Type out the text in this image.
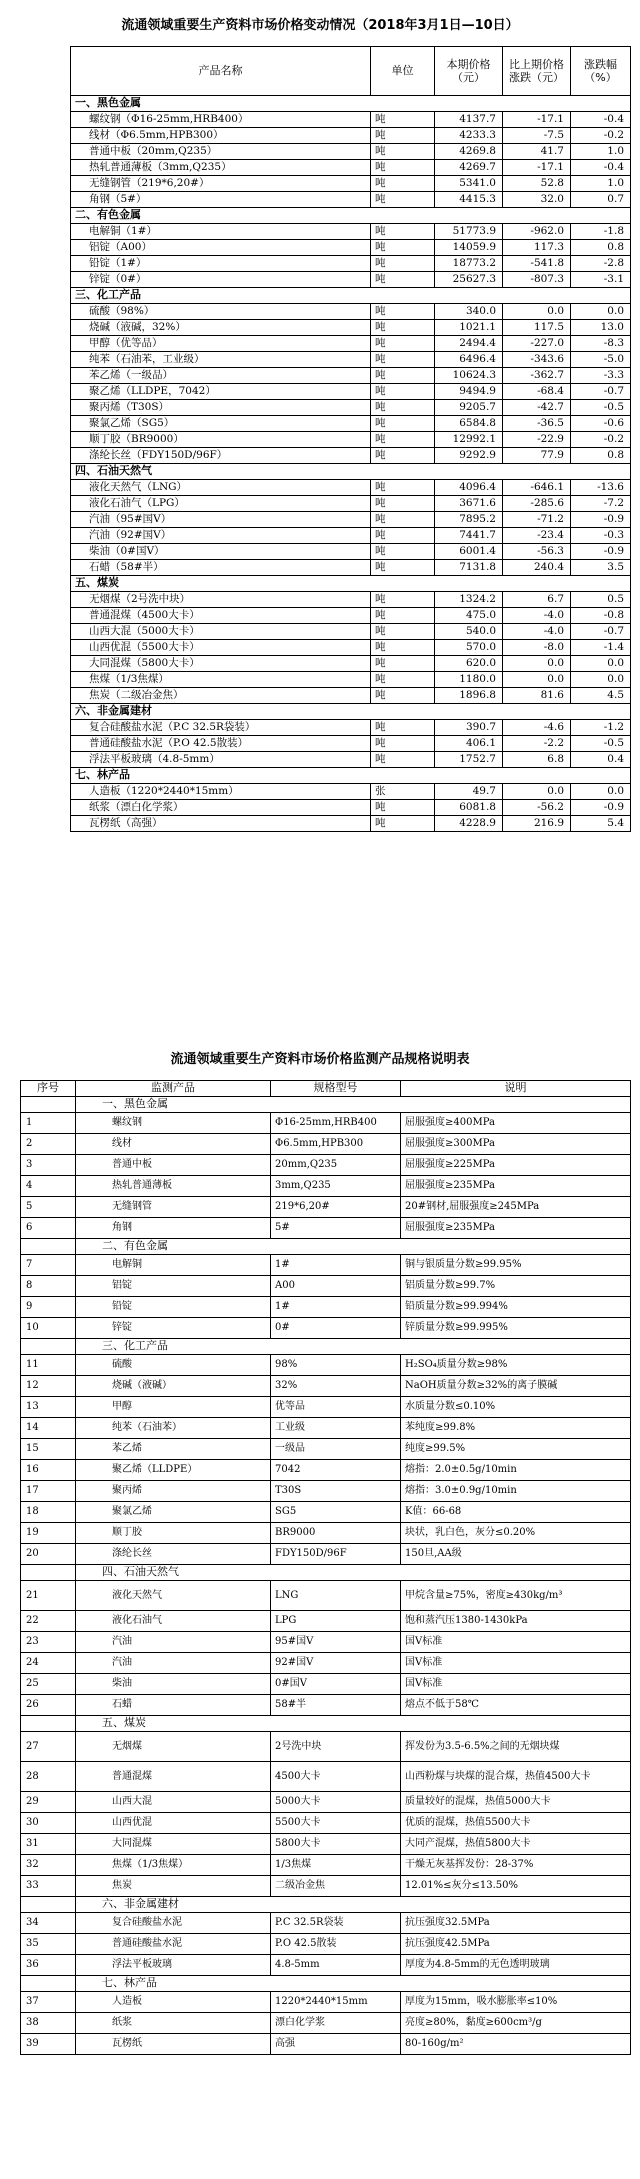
流通领域重要生产资料市场价格变动情况（2018年3月1日—10日）
产品名称	单位	本期价格（元）	比上期价格涨跌（元）	涨跌幅（%）
一、黑色金属				
螺纹钢（Φ16-25mm,HRB400）	吨	4137.7	-17.1	-0.4
线材（Φ6.5mm,HPB300）	吨	4233.3	-7.5	-0.2
普通中板（20mm,Q235）	吨	4269.8	41.7	1.0
热轧普通薄板（3mm,Q235）	吨	4269.7	-17.1	-0.4
无缝钢管（219*6,20#）	吨	5341.0	52.8	1.0
角钢（5#）	吨	4415.3	32.0	0.7
二、有色金属				
电解铜（1#）	吨	51773.9	-962.0	-1.8
铝锭（A00）	吨	14059.9	117.3	0.8
铅锭（1#）	吨	18773.2	-541.8	-2.8
锌锭（0#）	吨	25627.3	-807.3	-3.1
三、化工产品				
硫酸（98%）	吨	340.0	0.0	0.0
烧碱（液碱，32%）	吨	1021.1	117.5	13.0
甲醇（优等品）	吨	2494.4	-227.0	-8.3
纯苯（石油苯，工业级）	吨	6496.4	-343.6	-5.0
苯乙烯（一级品）	吨	10624.3	-362.7	-3.3
聚乙烯（LLDPE，7042）	吨	9494.9	-68.4	-0.7
聚丙烯（T30S）	吨	9205.7	-42.7	-0.5
聚氯乙烯（SG5）	吨	6584.8	-36.5	-0.6
顺丁胶（BR9000）	吨	12992.1	-22.9	-0.2
涤纶长丝（FDY150D/96F）	吨	9292.9	77.9	0.8
四、石油天然气				
液化天然气（LNG）	吨	4096.4	-646.1	-13.6
液化石油气（LPG）	吨	3671.6	-285.6	-7.2
汽油（95#国Ⅴ）	吨	7895.2	-71.2	-0.9
汽油（92#国Ⅴ）	吨	7441.7	-23.4	-0.3
柴油（0#国Ⅴ）	吨	6001.4	-56.3	-0.9
石蜡（58#半）	吨	7131.8	240.4	3.5
五、煤炭				
无烟煤（2号洗中块）	吨	1324.2	6.7	0.5
普通混煤（4500大卡）	吨	475.0	-4.0	-0.8
山西大混（5000大卡）	吨	540.0	-4.0	-0.7
山西优混（5500大卡）	吨	570.0	-8.0	-1.4
大同混煤（5800大卡）	吨	620.0	0.0	0.0
焦煤（1/3焦煤）	吨	1180.0	0.0	0.0
焦炭（二级冶金焦）	吨	1896.8	81.6	4.5
六、非金属建材				
复合硅酸盐水泥（P.C 32.5R袋装）	吨	390.7	-4.6	-1.2
普通硅酸盐水泥（P.O 42.5散装）	吨	406.1	-2.2	-0.5
浮法平板玻璃（4.8-5mm）	吨	1752.7	6.8	0.4
七、林产品				
人造板（1220*2440*15mm）	张	49.7	0.0	0.0
纸浆（漂白化学浆）	吨	6081.8	-56.2	-0.9
瓦楞纸（高强）	吨	4228.9	216.9	5.4
流通领域重要生产资料市场价格监测产品规格说明表
序号	监测产品	规格型号	说明
	一、黑色金属		
1	螺纹钢	Φ16-25mm,HRB400	屈服强度≥400MPa
2	线材	Φ6.5mm,HPB300	屈服强度≥300MPa
3	普通中板	20mm,Q235	屈服强度≥225MPa
4	热轧普通薄板	3mm,Q235	屈服强度≥235MPa
5	无缝钢管	219*6,20#	20#钢材,屈服强度≥245MPa
6	角钢	5#	屈服强度≥235MPa
	二、有色金属		
7	电解铜	1#	铜与银质量分数≥99.95%
8	铝锭	A00	铝质量分数≥99.7%
9	铅锭	1#	铅质量分数≥99.994%
10	锌锭	0#	锌质量分数≥99.995%
	三、化工产品		
11	硫酸	98%	H₂SO₄质量分数≥98%
12	烧碱（液碱）	32%	NaOH质量分数≥32%的离子膜碱
13	甲醇	优等品	水质量分数≤0.10%
14	纯苯（石油苯）	工业级	苯纯度≥99.8%
15	苯乙烯	一级品	纯度≥99.5%
16	聚乙烯（LLDPE）	7042	熔指：2.0±0.5g/10min
17	聚丙烯	T30S	熔指：3.0±0.9g/10min
18	聚氯乙烯	SG5	K值：66-68
19	顺丁胶	BR9000	块状，乳白色，灰分≤0.20%
20	涤纶长丝	FDY150D/96F	150旦,AA级
	四、石油天然气		
21	液化天然气	LNG	甲烷含量≥75%，密度≥430kg/m³
22	液化石油气	LPG	饱和蒸汽压1380-1430kPa
23	汽油	95#国Ⅴ	国Ⅴ标准
24	汽油	92#国Ⅴ	国Ⅴ标准
25	柴油	0#国Ⅴ	国Ⅴ标准
26	石蜡	58#半	熔点不低于58℃
	五、煤炭		
27	无烟煤	2号洗中块	挥发份为3.5-6.5%之间的无烟块煤
28	普通混煤	4500大卡	山西粉煤与块煤的混合煤，热值4500大卡
29	山西大混	5000大卡	质量较好的混煤，热值5000大卡
30	山西优混	5500大卡	优质的混煤，热值5500大卡
31	大同混煤	5800大卡	大同产混煤，热值5800大卡
32	焦煤（1/3焦煤）	1/3焦煤	干燥无灰基挥发份：28-37%
33	焦炭	二级冶金焦	12.01%≤灰分≤13.50%
	六、非金属建材		
34	复合硅酸盐水泥	P.C 32.5R袋装	抗压强度32.5MPa
35	普通硅酸盐水泥	P.O 42.5散装	抗压强度42.5MPa
36	浮法平板玻璃	4.8-5mm	厚度为4.8-5mm的无色透明玻璃
	七、林产品		
37	人造板	1220*2440*15mm	厚度为15mm，吸水膨胀率≤10%
38	纸浆	漂白化学浆	亮度≥80%，黏度≥600cm³/g
39	瓦楞纸	高强	80-160g/m²
